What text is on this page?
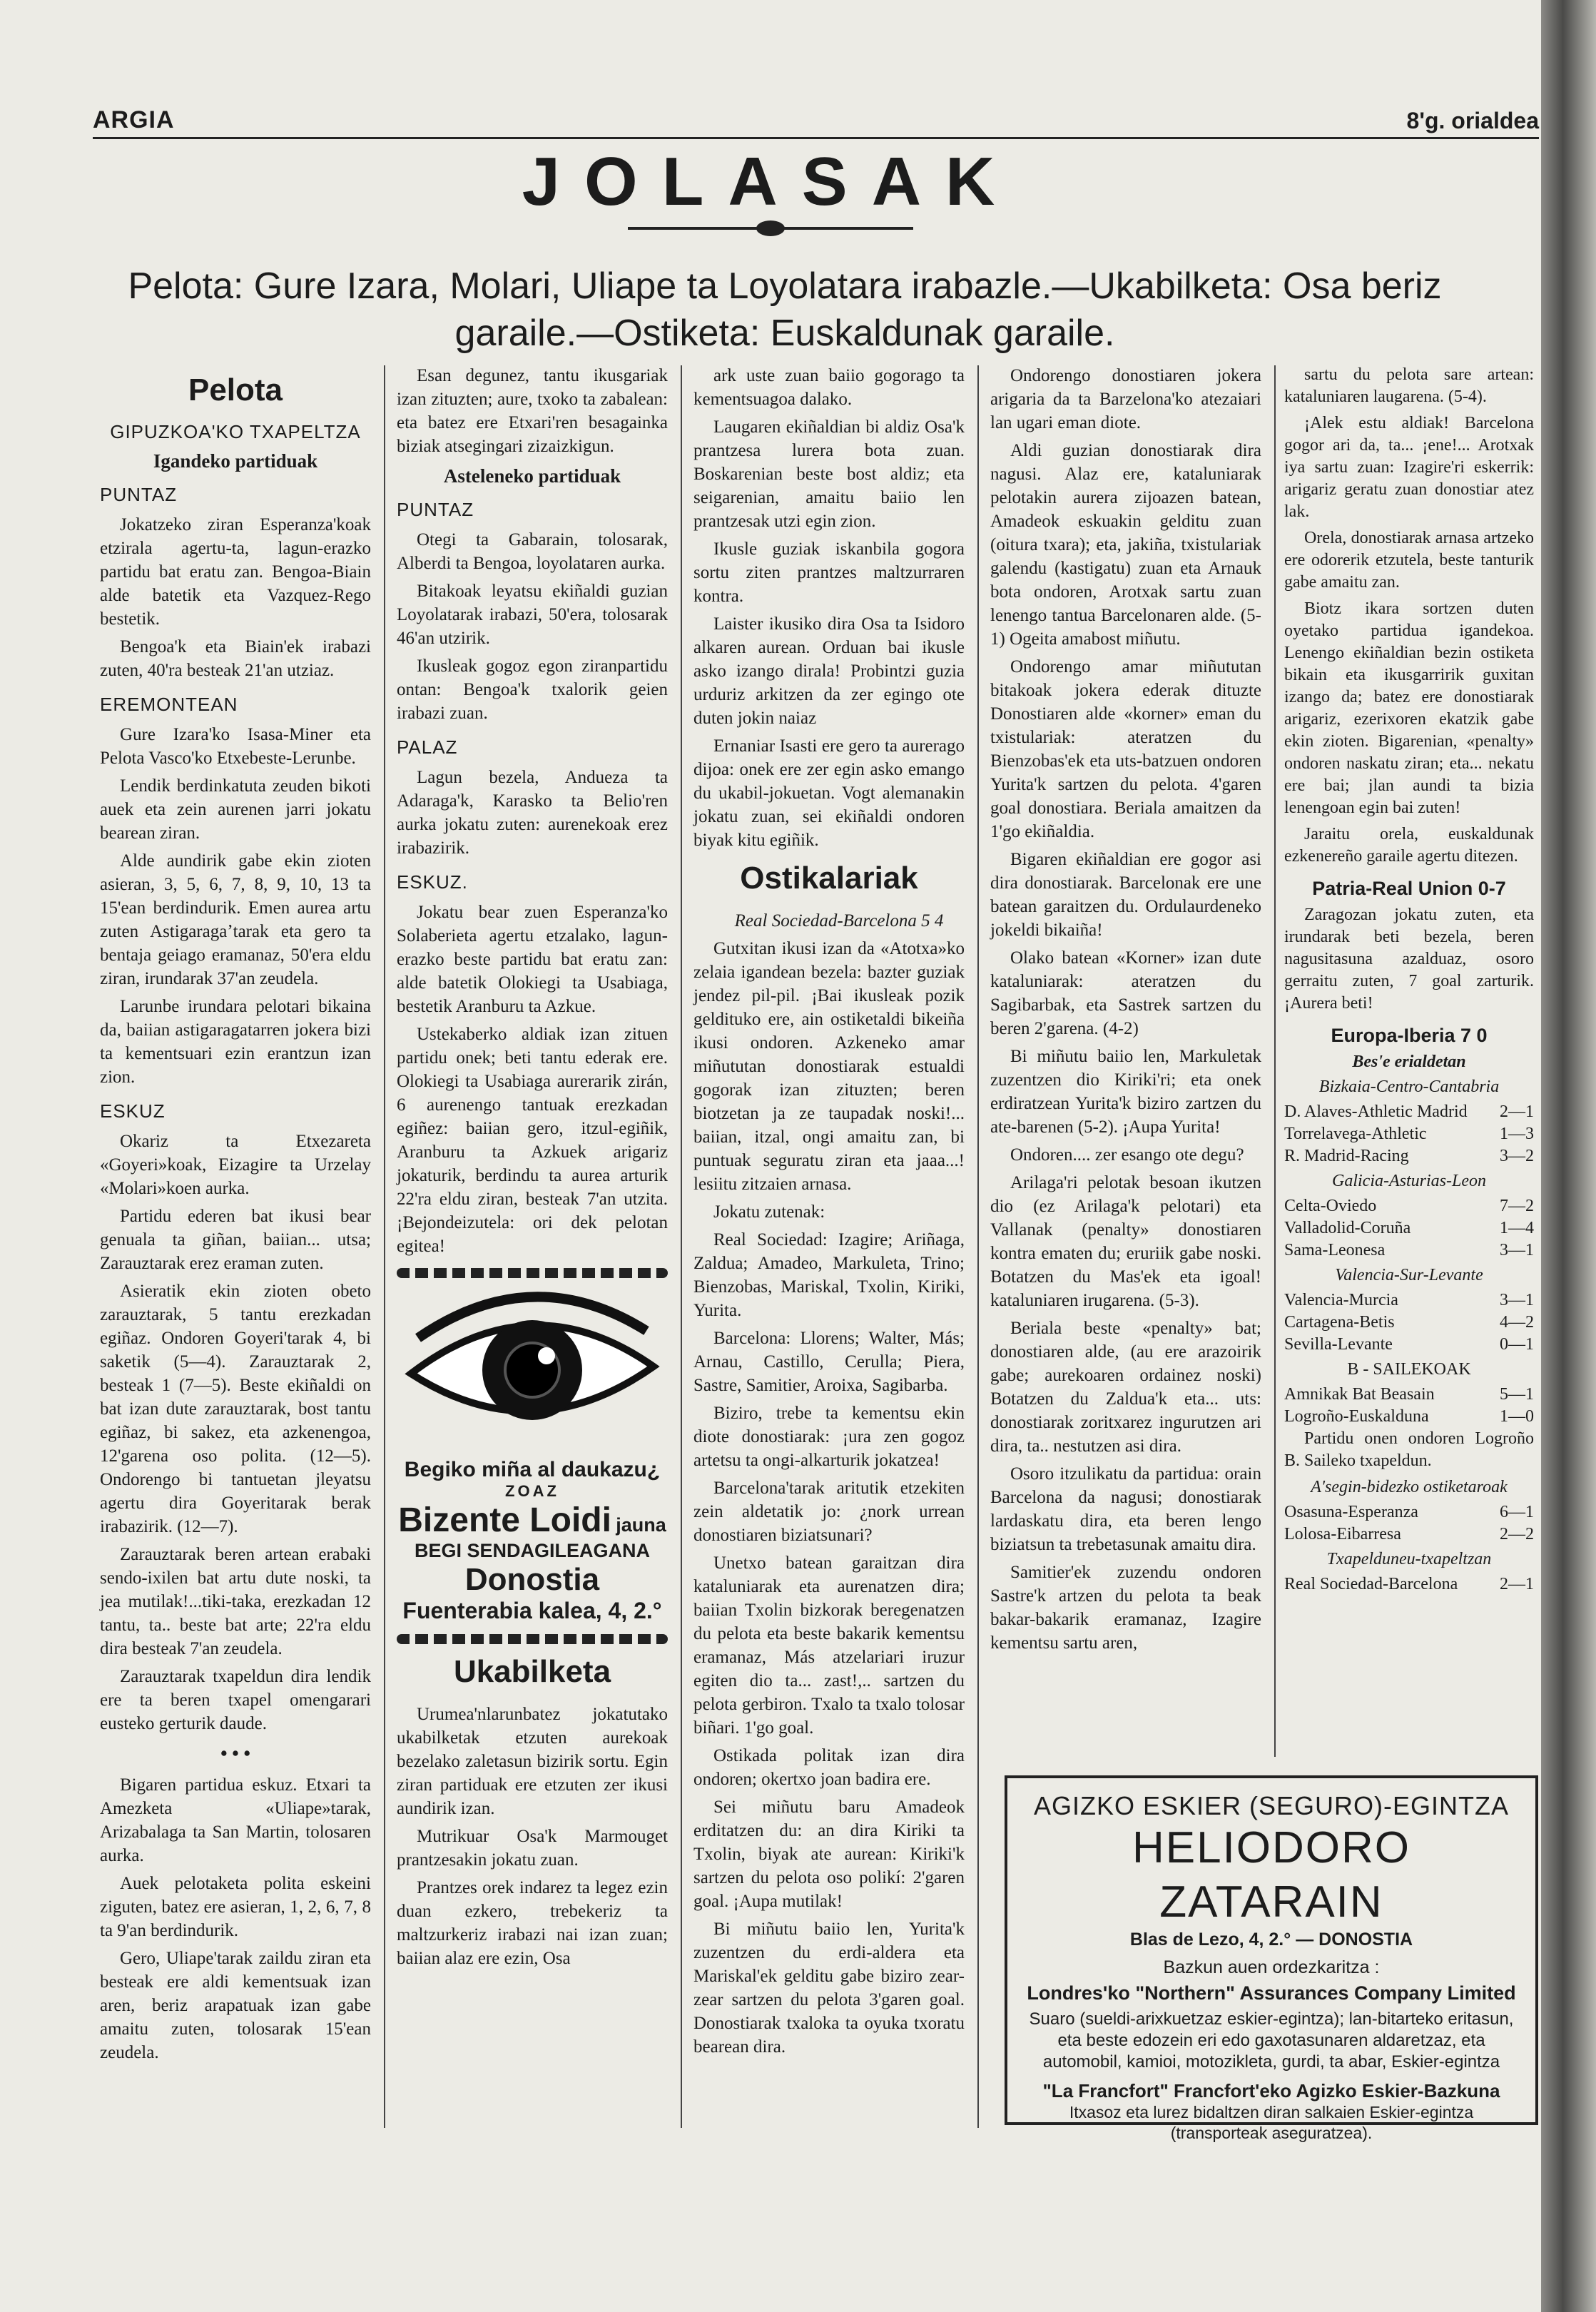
ARGIA	8'g. orialdea
JOLASAK
Pelota: Gure Izara, Molari, Uliape ta Loyolatara irabazle.—Ukabilketa: Osa beriz garaile.—Ostiketa: Euskaldunak garaile.
Pelota
GIPUZKOA'KO TXAPELTZA
Igandeko partiduak
PUNTAZ

Jokatzeko ziran Esperanza'koak etzirala agertu-ta, lagun-erazko partidu bat eratu zan. Bengoa-Biain alde batetik eta Vazquez-Rego bestetik.

Bengoa'k eta Biain'ek irabazi zuten, 40'ra besteak 21'an utziaz.

EREMONTEAN

Gure Izara'ko Isasa-Miner eta Pelota Vasco'ko Etxebeste-Lerunbe.

Lendik berdinkatuta zeuden bikoti auek eta zein aurenen jarri jokatu bearean ziran.

Alde aundirik gabe ekin zioten asieran, 3, 5, 6, 7, 8, 9, 10, 13 ta 15'ean berdindurik. Emen aurea artu zuten Astigaragaʼtarak eta gero ta bentaja geiago eramanaz, 50'era eldu ziran, irundarak 37'an zeudela.

Larunbe irundara pelotari bikaina da, baiian astigaragatarren jokera bizi ta kementsuari ezin erantzun izan zion.

ESKUZ

Okariz ta Etxezareta «Goyeri»koak, Eizagire ta Urzelay «Molari»koen aurka.

Partidu ederen bat ikusi bear genuala ta giñan, baiian... utsa; Zarauztarak erez eraman zuten.

Asieratik ekin zioten obeto zarauztarak, 5 tantu erezkadan egiñaz. Ondoren Goyeri'tarak 4, bi saketik (5—4). Zarauztarak 2, besteak 1 (7—5). Beste ekiñaldi on bat izan dute zarauztarak, bost tantu egiñaz, bi sakez, eta azkenengoa, 12'garena oso polita. (12—5). Ondorengo bi tantuetan jleyatsu agertu dira Goyeritarak berak irabazirik. (12—7).

Zarauztarak beren artean erabaki sendo-ixilen bat artu dute noski, ta jea mutilak!...tiki-taka, erezkadan 12 tantu, ta.. beste bat arte; 22'ra eldu dira besteak 7'an zeudela.

Zarauztarak txapeldun dira lendik ere ta beren txapel omengarari eusteko gerturik daude.

• • •

Bigaren partidua eskuz. Etxari ta Amezketa «Uliape»tarak, Arizabalaga ta San Martin, tolosaren aurka.

Auek pelotaketa polita eskeini ziguten, batez ere asieran, 1, 2, 6, 7, 8 ta 9'an berdindurik.

Gero, Uliape'tarak zaildu ziran eta besteak ere aldi kementsuak izan aren, beriz arapatuak izan gabe amaitu zuten, tolosarak 15'ean zeudela.

Esan degunez, tantu ikusgariak izan zituzten; aure, txoko ta zabalean: eta batez ere Etxari'ren besagainka biziak atsegingari zizaizkigun.

Asteleneko partiduak
PUNTAZ

Otegi ta Gabarain, tolosarak, Alberdi ta Bengoa, loyolataren aurka.

Bitakoak leyatsu ekiñaldi guzian Loyolatarak irabazi, 50'era, tolosarak 46'an utzirik.

Ikusleak gogoz egon ziranpartidu ontan: Bengoa'k txalorik geien irabazi zuan.

PALAZ

Lagun bezela, Andueza ta Adaraga'k, Karasko ta Belio'ren aurka jokatu zuten: aurenekoak erez irabazirik.

ESKUZ.

Jokatu bear zuen Esperanza'ko Solaberieta agertu etzalako, lagun-erazko beste partidu bat eratu zan: alde batetik Olokiegi ta Usabiaga, bestetik Aranburu ta Azkue.

Ustekaberko aldiak izan zituen partidu onek; beti tantu ederak ere. Olokiegi ta Usabiaga aurerarik zirán, 6 aurenengo tantuak erezkadan egiñez: baiian gero, itzul-egiñik, Aranburu ta Azkuek arigariz jokaturik, berdindu ta aurea arturik 22'ra eldu ziran, besteak 7'an utzita. ¡Bejondeizutela: ori dek pelotan egitea!

Begiko miña al daukazu¿
ZOAZ
Bizente Loidi jauna
BEGI SENDAGILEAGANA
Donostia
Fuenterabia kalea, 4, 2.°
Ukabilketa

Urumea'nlarunbatez jokatutako ukabilketak etzuten aurekoak bezelako zaletasun bizirik sortu. Egin ziran partiduak ere etzuten zer ikusi aundirik izan.

Mutrikuar Osa'k Marmouget prantzesakin jokatu zuan.

Prantzes orek indarez ta legez ezin duan ezkero, trebekeriz ta maltzurkeriz irabazi nai izan zuan; baiian alaz ere ezin, Osa

ark uste zuan baiio gogorago ta kementsuagoa dalako.

Laugaren ekiñaldian bi aldiz Osa'k prantzesa lurera bota zuan. Boskarenian beste bost aldiz; eta seigarenian, amaitu baiio len prantzesak utzi egin zion.

Ikusle guziak iskanbila gogora sortu ziten prantzes maltzurraren kontra.

Laister ikusiko dira Osa ta Isidoro alkaren aurean. Orduan bai ikusle asko izango dirala! Probintzi guzia urduriz arkitzen da zer egingo ote duten jokin naiaz

Ernaniar Isasti ere gero ta aurerago dijoa: onek ere zer egin asko emango du ukabil-jokuetan. Vogt alemanakin jokatu zuan, sei ekiñaldi ondoren biyak kitu egiñik.

Ostikalariak

Real Sociedad-Barcelona 5 4

Gutxitan ikusi izan da «Atotxa»ko zelaia igandean bezela: bazter guziak jendez pil-pil. ¡Bai ikusleak pozik geldituko ere, ain ostiketaldi bikeiña ikusi ondoren. Azkeneko amar miñututan donostiarak estualdi gogorak izan zituzten; beren biotzetan ja ze taupadak noski!... baiian, itzal, ongi amaitu zan, bi puntuak seguratu ziran eta jaaa...! lesiitu zitzaien arnasa.

Jokatu zutenak:

Real Sociedad: Izagire; Ariñaga, Zaldua; Amadeo, Markuleta, Trino; Bienzobas, Mariskal, Txolin, Kiriki, Yurita.

Barcelona: Llorens; Walter, Más; Arnau, Castillo, Cerulla; Piera, Sastre, Samitier, Aroixa, Sagibarba.

Biziro, trebe ta kementsu ekin diote donostiarak: ¡ura zen gogoz artetsu ta ongi-alkarturik jokatzea!

Barcelona'tarak aritutik etzekiten zein aldetatik jo: ¿nork urrean donostiaren biziatsunari?

Unetxo batean garaitzan dira kataluniarak eta aurenatzen dira; baiian Txolin bizkorak beregenatzen du pelota eta beste bakarik kementsu eramanaz, Más atzelariari iruzur egiten dio ta... zast!,.. sartzen du pelota gerbiron. Txalo ta txalo tolosar biñari. 1'go goal.

Ostikada politak izan dira ondoren; okertxo joan badira ere.

Sei miñutu baru Amadeok erditatzen du: an dira Kiriki ta Txolin, biyak ate aurean: Kiriki'k sartzen du pelota oso polikí: 2'garen goal. ¡Aupa mutilak!

Bi miñutu baiio len, Yurita'k zuzentzen du erdi-aldera eta Mariskal'ek gelditu gabe biziro zear-zear sartzen du pelota 3'garen goal. Donostiarak txaloka ta oyuka txoratu bearean dira.

Ondorengo donostiaren jokera arigaria da ta Barzelona'ko atezaiari lan ugari eman diote.

Aldi guzian donostiarak dira nagusi. Alaz ere, kataluniarak pelotakin aurera zijoazen batean, Amadeok eskuakin gelditu zuan (oitura txara); eta, jakiña, txistulariak galendu (kastigatu) zuan eta Arnauk bota ondoren, Arotxak sartu zuan lenengo tantua Barcelonaren alde. (5-1) Ogeita amabost miñutu.

Ondorengo amar miñututan bitakoak jokera ederak dituzte Donostiaren alde «korner» eman du txistulariak: ateratzen du Bienzobas'ek eta uts-batzuen ondoren Yurita'k sartzen du pelota. 4'garen goal donostiara. Beriala amaitzen da 1'go ekiñaldia.

Bigaren ekiñaldian ere gogor asi dira donostiarak. Barcelonak ere une batean garaitzen du. Ordulaurdeneko jokeldi bikaiña!

Olako batean «Korner» izan dute kataluniarak: ateratzen du Sagibarbak, eta Sastrek sartzen du beren 2'garena. (4-2)

Bi miñutu baiio len, Markuletak zuzentzen dio Kiriki'ri; eta onek erdiratzean Yurita'k biziro zartzen du ate-barenen (5-2). ¡Aupa Yurita!

Ondoren.... zer esango ote degu?

Arilaga'ri pelotak besoan ikutzen dio (ez Arilaga'k pelotari) eta Vallanak (penalty» donostiaren kontra ematen du; eruriik gabe noski. Botatzen du Mas'ek eta igoal! kataluniaren irugarena. (5-3).

Beriala beste «penalty» bat; donostiaren alde, (au ere arazoirik gabe; aurekoaren ordainez noski) Botatzen du Zaldua'k eta... uts: donostiarak zoritxarez ingurutzen ari dira, ta.. nestutzen asi dira.

Osoro itzulikatu da partidua: orain Barcelona da nagusi; donostiarak lardaskatu dira, eta beren lengo biziatsun ta trebetasunak amaitu dira.

Samitier'ek zuzendu ondoren Sastre'k artzen du pelota ta beak bakar-bakarik eramanaz, Izagire kementsu sartu aren,

sartu du pelota sare artean: kataluniaren laugarena. (5-4).

¡Alek estu aldiak! Barcelona gogor ari da, ta... ¡ene!... Arotxak iya sartu zuan: Izagire'ri eskerrik: arigariz geratu zuan donostiar atez lak.

Orela, donostiarak arnasa artzeko ere odorerik etzutela, beste tanturik gabe amaitu zan.

Biotz ikara sortzen duten oyetako partidua igandekoa. Lenengo ekiñaldian bezin ostiketa bikain eta ikusgarririk guxitan izango da; batez ere donostiarak arigariz, ezerixoren ekatzik gabe ekin zioten. Bigarenian, «penalty» ondoren naskatu ziran; eta... nekatu ere bai; jlan aundi ta bizia lenengoan egin bai zuten!

Jaraitu orela, euskaldunak ezkenereño garaile agertu ditezen.

Patria-Real Union 0-7

Zaragozan jokatu zuten, eta irundarak beti bezela, beren nagusitasuna azalduaz, osoro gerraitu zuten, 7 goal zarturik. ¡Aurera beti!

Europa-Iberia 7 0
Bes'e erialdetan
Bizkaia-Centro-Cantabria
D. Alaves-Athletic Madrid	2—1
Torrelavega-Athletic	1—3
R. Madrid-Racing	3—2
Galicia-Asturias-Leon
Celta-Oviedo	7—2
Valladolid-Coruña	1—4
Sama-Leonesa	3—1
Valencia-Sur-Levante
Valencia-Murcia	3—1
Cartagena-Betis	4—2
Sevilla-Levante	0—1
B - SAILEKOAK
Amnikak Bat Beasain	5—1
Logroño-Euskalduna	1—0

Partidu onen ondoren Logroño B. Saileko txapeldun.

A'segin-bidezko ostiketaroak
Osasuna-Esperanza	6—1
Lolosa-Eibarresa	2—2
Txapelduneu-txapeltzan
Real Sociedad-Barcelona	2—1
AGIZKO ESKIER (SEGURO)-EGINTZA
HELIODORO ZATARAIN
Blas de Lezo, 4, 2.° — DONOSTIA
Bazkun auen ordezkaritza :
Londres'ko "Northern" Assurances Company Limited
Suaro (sueldi-arixkuetzaz eskier-egintza); lan-bitarteko eritasun, eta beste edozein eri edo gaxotasunaren aldaretzaz, eta automobil, kamioi, motozikleta, gurdi, ta abar, Eskier-egintza
"La Francfort" Francfort'eko Agizko Eskier-Bazkuna
Itxasoz eta lurez bidaltzen diran salkaien Eskier-egintza (transporteak aseguratzea).
